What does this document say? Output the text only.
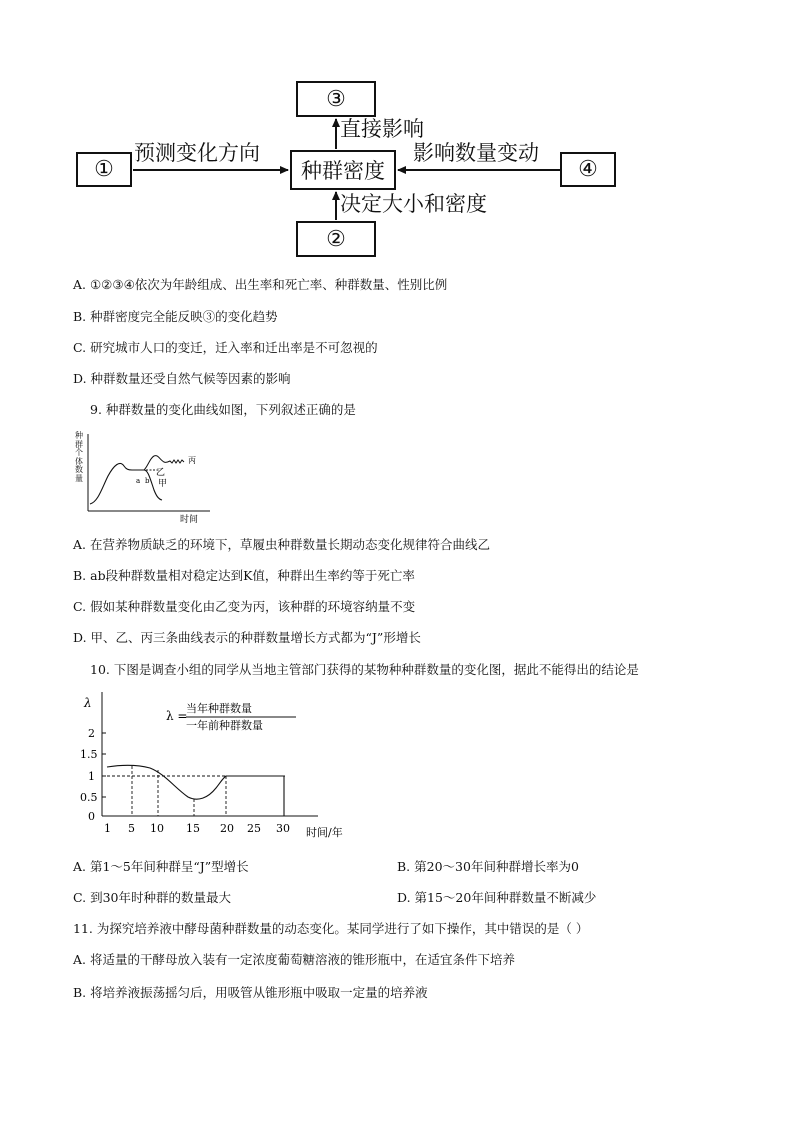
③
①	种群密度	④
②
直接影响
预测变化方向	影响数量变动
决定大小和密度
A. ①②③④依次为年龄组成、出生率和死亡率、种群数量、性别比例
B. 种群密度完全能反映③的变化趋势
C. 研究城市人口的变迁，迁入率和迁出率是不可忽视的
D. 种群数量还受自然气候等因素的影响
9. 种群数量的变化曲线如图，下列叙述正确的是
a b 甲
乙
丙
时间
种群个体数量
A. 在营养物质缺乏的环境下，草履虫种群数量长期动态变化规律符合曲线乙
B. ab段种群数量相对稳定达到K值，种群出生率约等于死亡率
C. 假如某种群数量变化由乙变为丙，该种群的环境容纳量不变
D. 甲、乙、丙三条曲线表示的种群数量增长方式都为“J”形增长
10. 下图是调查小组的同学从当地主管部门获得的某物种种群数量的变化图，据此不能得出的结论是
λ
2
1.5
1
0.5
0
1 5 10 15 20 25 30 时间/年
λ =
当年种群数量
一年前种群数量
A. 第1～5年间种群呈“J”型增长	B. 第20～30年间种群增长率为0
C. 到30年时种群的数量最大	D. 第15～20年间种群数量不断减少
11. 为探究培养液中酵母菌种群数量的动态变化。某同学进行了如下操作，其中错误的是（ ）
A. 将适量的干酵母放入装有一定浓度葡萄糖溶液的锥形瓶中，在适宜条件下培养
B. 将培养液振荡摇匀后，用吸管从锥形瓶中吸取一定量的培养液
